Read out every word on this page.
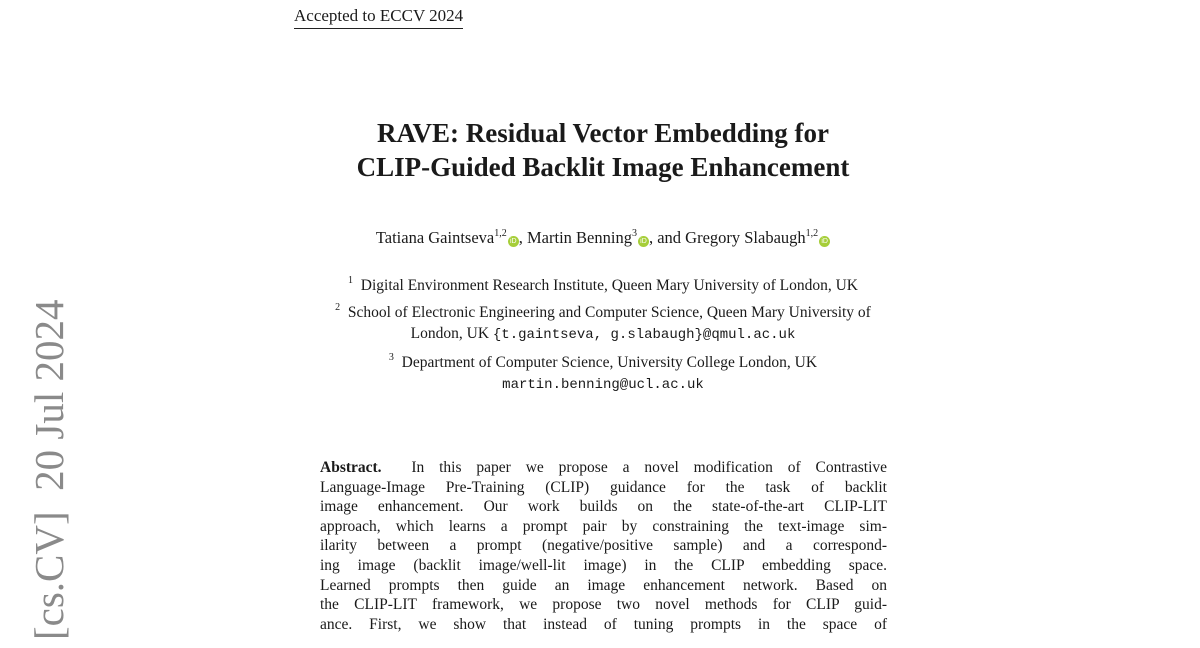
Accepted to ECCV 2024
RAVE: Residual Vector Embedding for
CLIP-Guided Backlit Image Enhancement
Tatiana Gaintseva$^{1,2}$iD , Martin Benning$^3$iD , and Gregory Slabaugh$^{1,2}$iD
$^1$ Digital Environment Research Institute, Queen Mary University of London, UK
$^2$ School of Electronic Engineering and Computer Science, Queen Mary University of
London, UK {t.gaintseva, g.slabaugh}@qmul.ac.uk
$^3$ Department of Computer Science, University College London, UK
martin.benning@ucl.ac.uk
Abstract. In this paper we propose a novel modification of Contrastive
Language-Image Pre-Training (CLIP) guidance for the task of backlit
image enhancement. Our work builds on the state-of-the-art CLIP-LIT
approach, which learns a prompt pair by constraining the text-image sim-
ilarity between a prompt (negative/positive sample) and a correspond-
ing image (backlit image/well-lit image) in the CLIP embedding space.
Learned prompts then guide an image enhancement network. Based on
the CLIP-LIT framework, we propose two novel methods for CLIP guid-
ance. First, we show that instead of tuning prompts in the space of
[cs.CV]  20 Jul 2024
